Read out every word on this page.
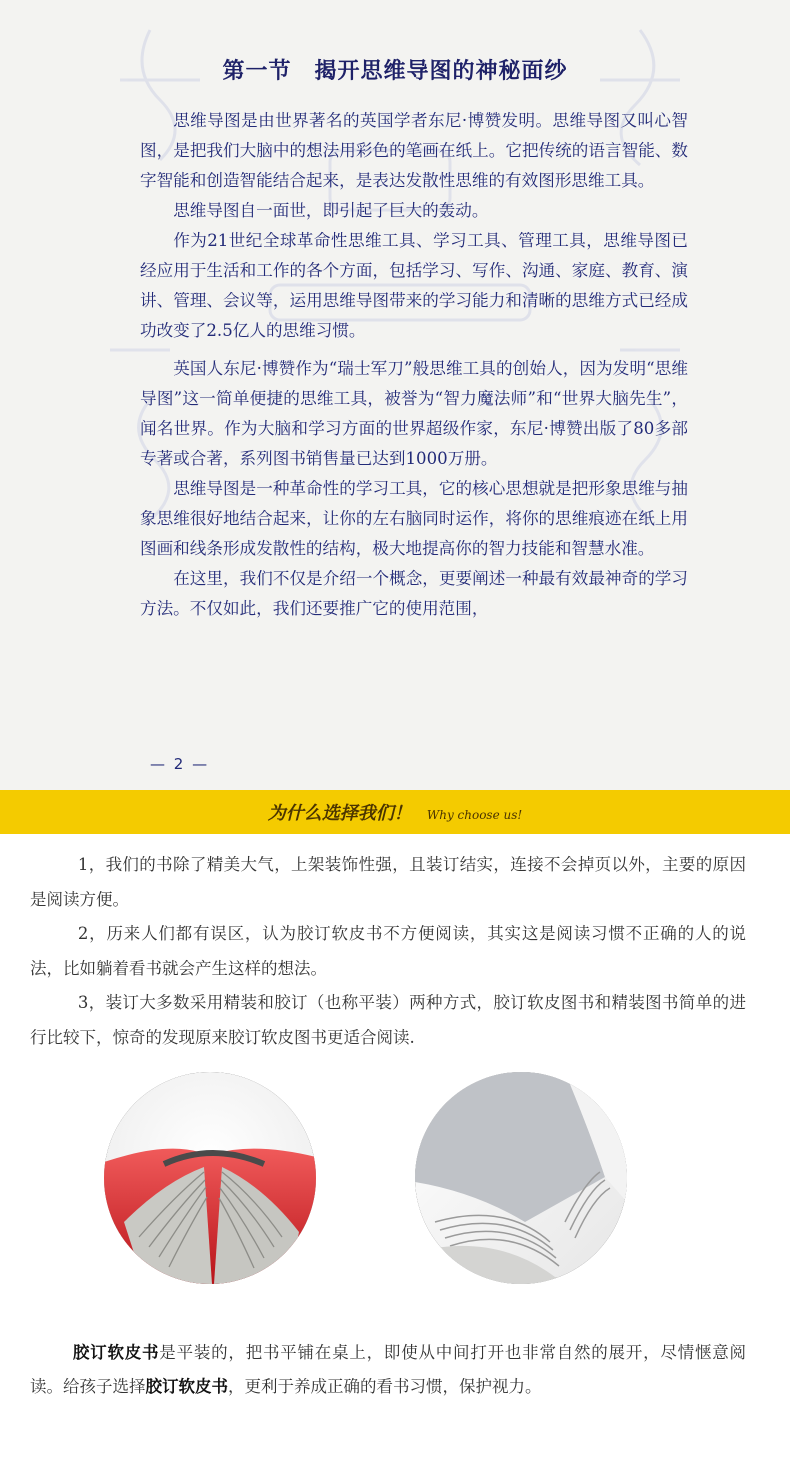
第一节　揭开思维导图的神秘面纱

思维导图是由世界著名的英国学者东尼·博赞发明。思维导图又叫心智图，是把我们大脑中的想法用彩色的笔画在纸上。它把传统的语言智能、数字智能和创造智能结合起来，是表达发散性思维的有效图形思维工具。

思维导图自一面世，即引起了巨大的轰动。

作为21世纪全球革命性思维工具、学习工具、管理工具，思维导图已经应用于生活和工作的各个方面，包括学习、写作、沟通、家庭、教育、演讲、管理、会议等，运用思维导图带来的学习能力和清晰的思维方式已经成功改变了2.5亿人的思维习惯。

英国人东尼·博赞作为“瑞士军刀”般思维工具的创始人，因为发明“思维导图”这一简单便捷的思维工具，被誉为“智力魔法师”和“世界大脑先生”，闻名世界。作为大脑和学习方面的世界超级作家，东尼·博赞出版了80多部专著或合著，系列图书销售量已达到1000万册。

思维导图是一种革命性的学习工具，它的核心思想就是把形象思维与抽象思维很好地结合起来，让你的左右脑同时运作，将你的思维痕迹在纸上用图画和线条形成发散性的结构，极大地提高你的智力技能和智慧水准。

在这里，我们不仅是介绍一个概念，更要阐述一种最有效最神奇的学习方法。不仅如此，我们还要推广它的使用范围，

— 2 —
为什么选择我们！ Why choose us!

1，我们的书除了精美大气，上架装饰性强，且装订结实，连接不会掉页以外，主要的原因是阅读方便。

2，历来人们都有误区，认为胶订软皮书不方便阅读，其实这是阅读习惯不正确的人的说法，比如躺着看书就会产生这样的想法。

3，装订大多数采用精装和胶订（也称平装）两种方式，胶订软皮图书和精装图书简单的进行比较下，惊奇的发现原来胶订软皮图书更适合阅读.

胶订软皮书是平装的，把书平铺在桌上，即使从中间打开也非常自然的展开，尽情惬意阅读。给孩子选择胶订软皮书，更利于养成正确的看书习惯，保护视力。
